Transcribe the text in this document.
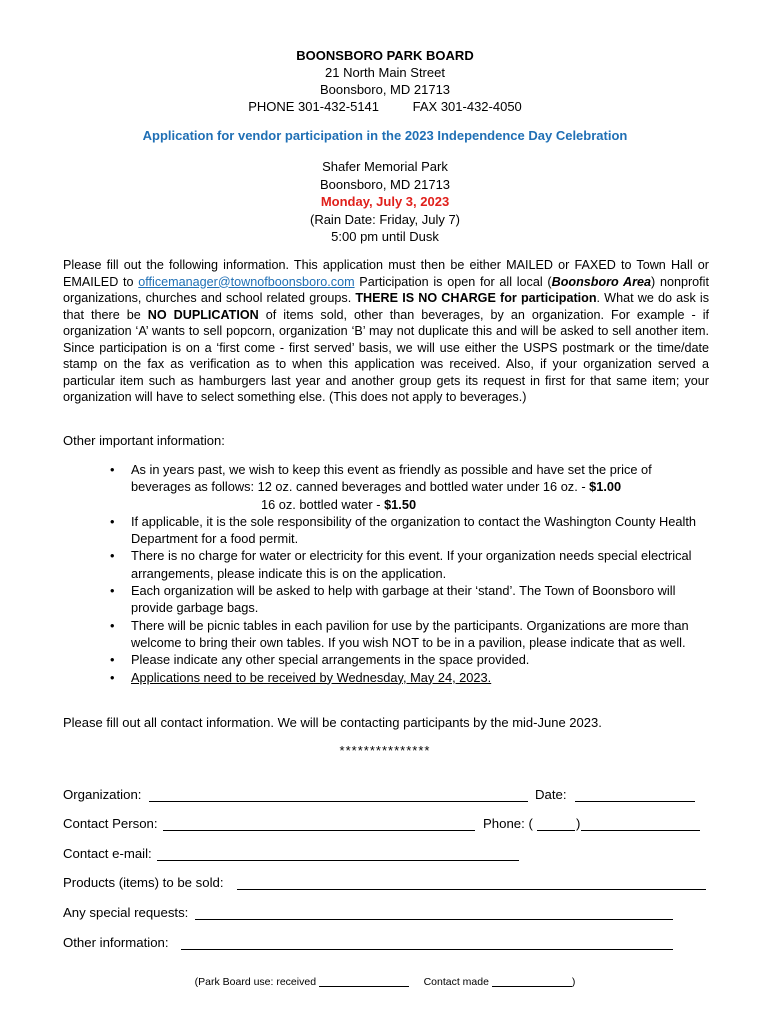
BOONSBORO PARK BOARD
21 North Main Street
Boonsboro, MD 21713
PHONE 301-432-5141	FAX 301-432-4050
Application for vendor participation in the 2023 Independence Day Celebration
Shafer Memorial Park
Boonsboro, MD 21713
Monday, July 3, 2023
(Rain Date: Friday, July 7)
5:00 pm until Dusk
Please fill out the following information. This application must then be either MAILED or FAXED to Town Hall or EMAILED to officemanager@townofboonsboro.com Participation is open for all local (Boonsboro Area) nonprofit organizations, churches and school related groups. THERE IS NO CHARGE for participation. What we do ask is that there be NO DUPLICATION of items sold, other than beverages, by an organization. For example - if organization ‘A’ wants to sell popcorn, organization ‘B’ may not duplicate this and will be asked to sell another item. Since participation is on a ‘first come - first served’ basis, we will use either the USPS postmark or the time/date stamp on the fax as verification as to when this application was received. Also, if your organization served a particular item such as hamburgers last year and another group gets its request in first for that same item; your organization will have to select something else. (This does not apply to beverages.)
Other important information:
• As in years past, we wish to keep this event as friendly as possible and have set the price of beverages as follows: 12 oz. canned beverages and bottled water under 16 oz. - $1.00
16 oz. bottled water - $1.50
• If applicable, it is the sole responsibility of the organization to contact the Washington County Health Department for a food permit.
• There is no charge for water or electricity for this event. If your organization needs special electrical arrangements, please indicate this is on the application.
• Each organization will be asked to help with garbage at their ‘stand’. The Town of Boonsboro will provide garbage bags.
• There will be picnic tables in each pavilion for use by the participants. Organizations are more than welcome to bring their own tables. If you wish NOT to be in a pavilion, please indicate that as well.
• Please indicate any other special arrangements in the space provided.
• Applications need to be received by Wednesday, May 24, 2023.
Please fill out all contact information. We will be contacting participants by the mid-June 2023.
***************
Organization:	Date:
Contact Person:	Phone: (	)
Contact e-mail:
Products (items) to be sold:
Any special requests:
Other information:
(Park Board use: received	Contact made	)
